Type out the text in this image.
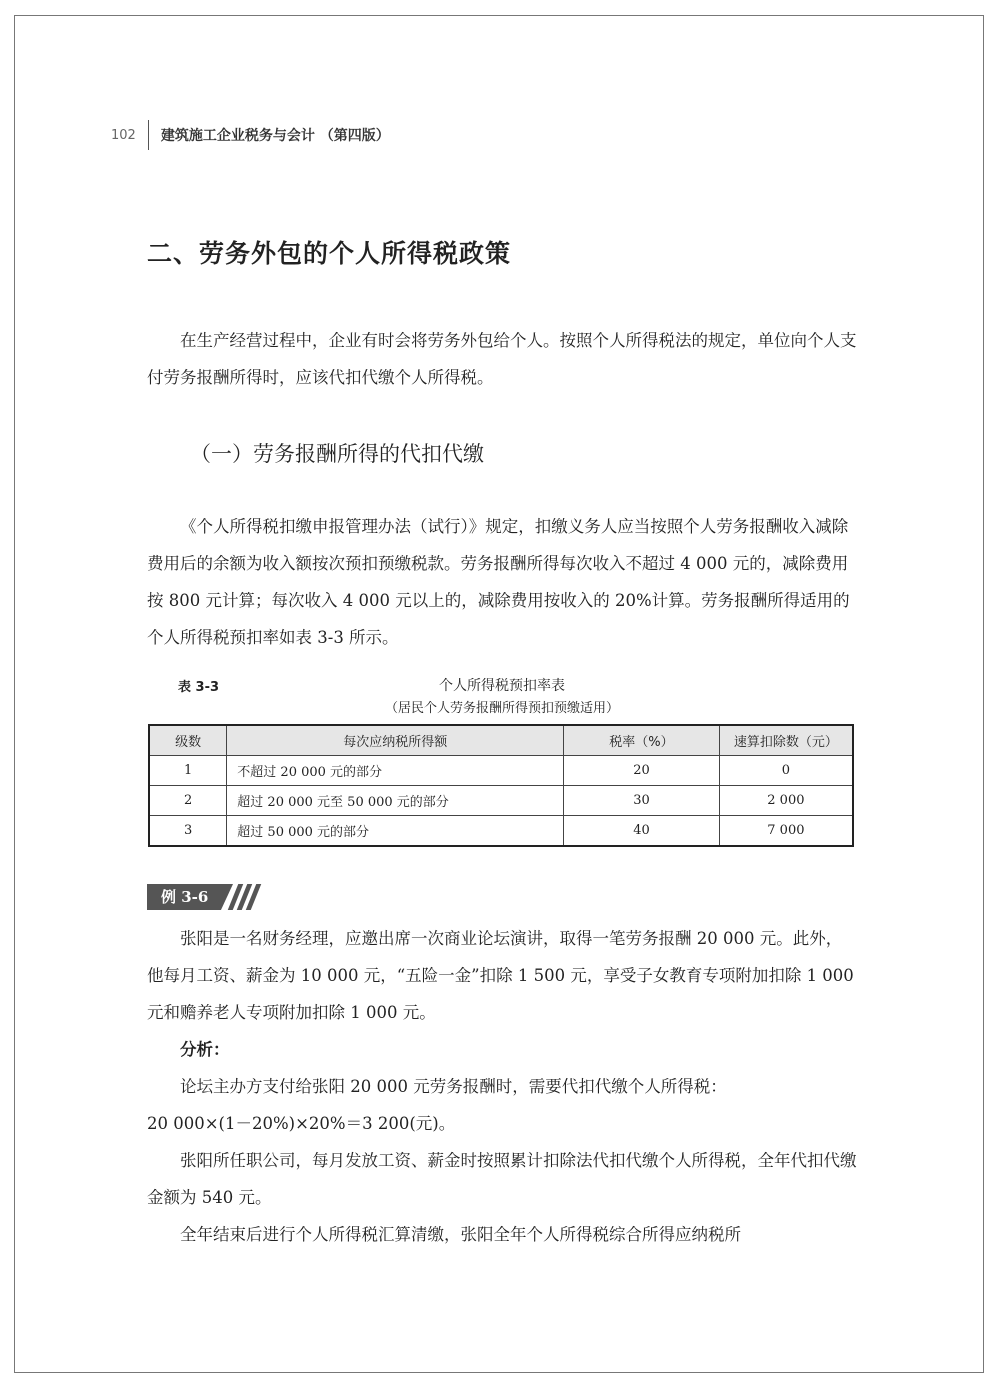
102 建筑施工企业税务与会计 （第四版）
二、劳务外包的个人所得税政策

在生产经营过程中，企业有时会将劳务外包给个人。按照个人所得税法的规定，单位向个人支付劳务报酬所得时，应该代扣代缴个人所得税。

（一）劳务报酬所得的代扣代缴

《个人所得税扣缴申报管理办法（试行）》规定，扣缴义务人应当按照个人劳务报酬收入减除费用后的余额为收入额按次预扣预缴税款。劳务报酬所得每次收入不超过 4 000 元的，减除费用按 800 元计算；每次收入 4 000 元以上的，减除费用按收入的 20%计算。劳务报酬所得适用的个人所得税预扣率如表 3-3 所示。

表 3-3	个人所得税预扣率表
（居民个人劳务报酬所得预扣预缴适用）
级数	每次应纳税所得额	税率（%）	速算扣除数（元）
1	不超过 20 000 元的部分	20	0
2	超过 20 000 元至 50 000 元的部分	30	2 000
3	超过 50 000 元的部分	40	7 000
例 3-6

张阳是一名财务经理，应邀出席一次商业论坛演讲，取得一笔劳务报酬 20 000 元。此外，他每月工资、薪金为 10 000 元，“五险一金”扣除 1 500 元，享受子女教育专项附加扣除 1 000 元和赡养老人专项附加扣除 1 000 元。

分析：

论坛主办方支付给张阳 20 000 元劳务报酬时，需要代扣代缴个人所得税：

20 000×(1－20%)×20%＝3 200(元)。

张阳所任职公司，每月发放工资、薪金时按照累计扣除法代扣代缴个人所得税，全年代扣代缴金额为 540 元。

全年结束后进行个人所得税汇算清缴，张阳全年个人所得税综合所得应纳税所
